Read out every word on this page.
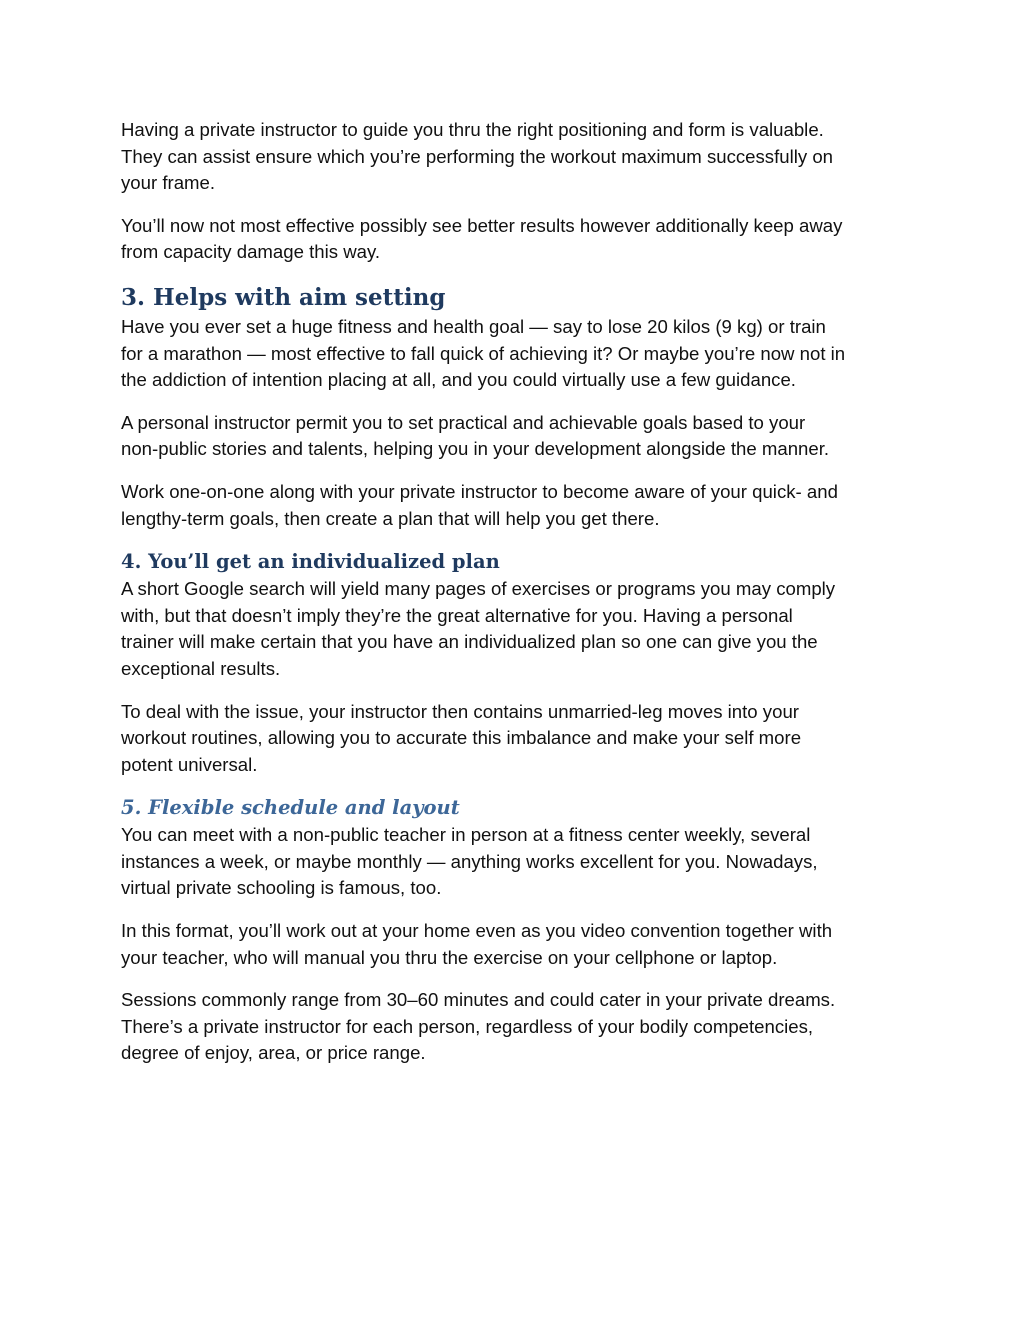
Having a private instructor to guide you thru the right positioning and form is valuable.
They can assist ensure which you’re performing the workout maximum successfully on
your frame.

You’ll now not most effective possibly see better results however additionally keep away
from capacity damage this way.

3. Helps with aim setting

Have you ever set a huge fitness and health goal — say to lose 20 kilos (9 kg) or train
for a marathon — most effective to fall quick of achieving it? Or maybe you’re now not in
the addiction of intention placing at all, and you could virtually use a few guidance.

A personal instructor permit you to set practical and achievable goals based to your
non-public stories and talents, helping you in your development alongside the manner.

Work one-on-one along with your private instructor to become aware of your quick- and
lengthy-term goals, then create a plan that will help you get there.

4. You’ll get an individualized plan

A short Google search will yield many pages of exercises or programs you may comply
with, but that doesn’t imply they’re the great alternative for you. Having a personal
trainer will make certain that you have an individualized plan so one can give you the
exceptional results.

To deal with the issue, your instructor then contains unmarried-leg moves into your
workout routines, allowing you to accurate this imbalance and make your self more
potent universal.

5. Flexible schedule and layout

You can meet with a non-public teacher in person at a fitness center weekly, several
instances a week, or maybe monthly — anything works excellent for you. Nowadays,
virtual private schooling is famous, too.

In this format, you’ll work out at your home even as you video convention together with
your teacher, who will manual you thru the exercise on your cellphone or laptop.

Sessions commonly range from 30–60 minutes and could cater in your private dreams.
There’s a private instructor for each person, regardless of your bodily competencies,
degree of enjoy, area, or price range.
